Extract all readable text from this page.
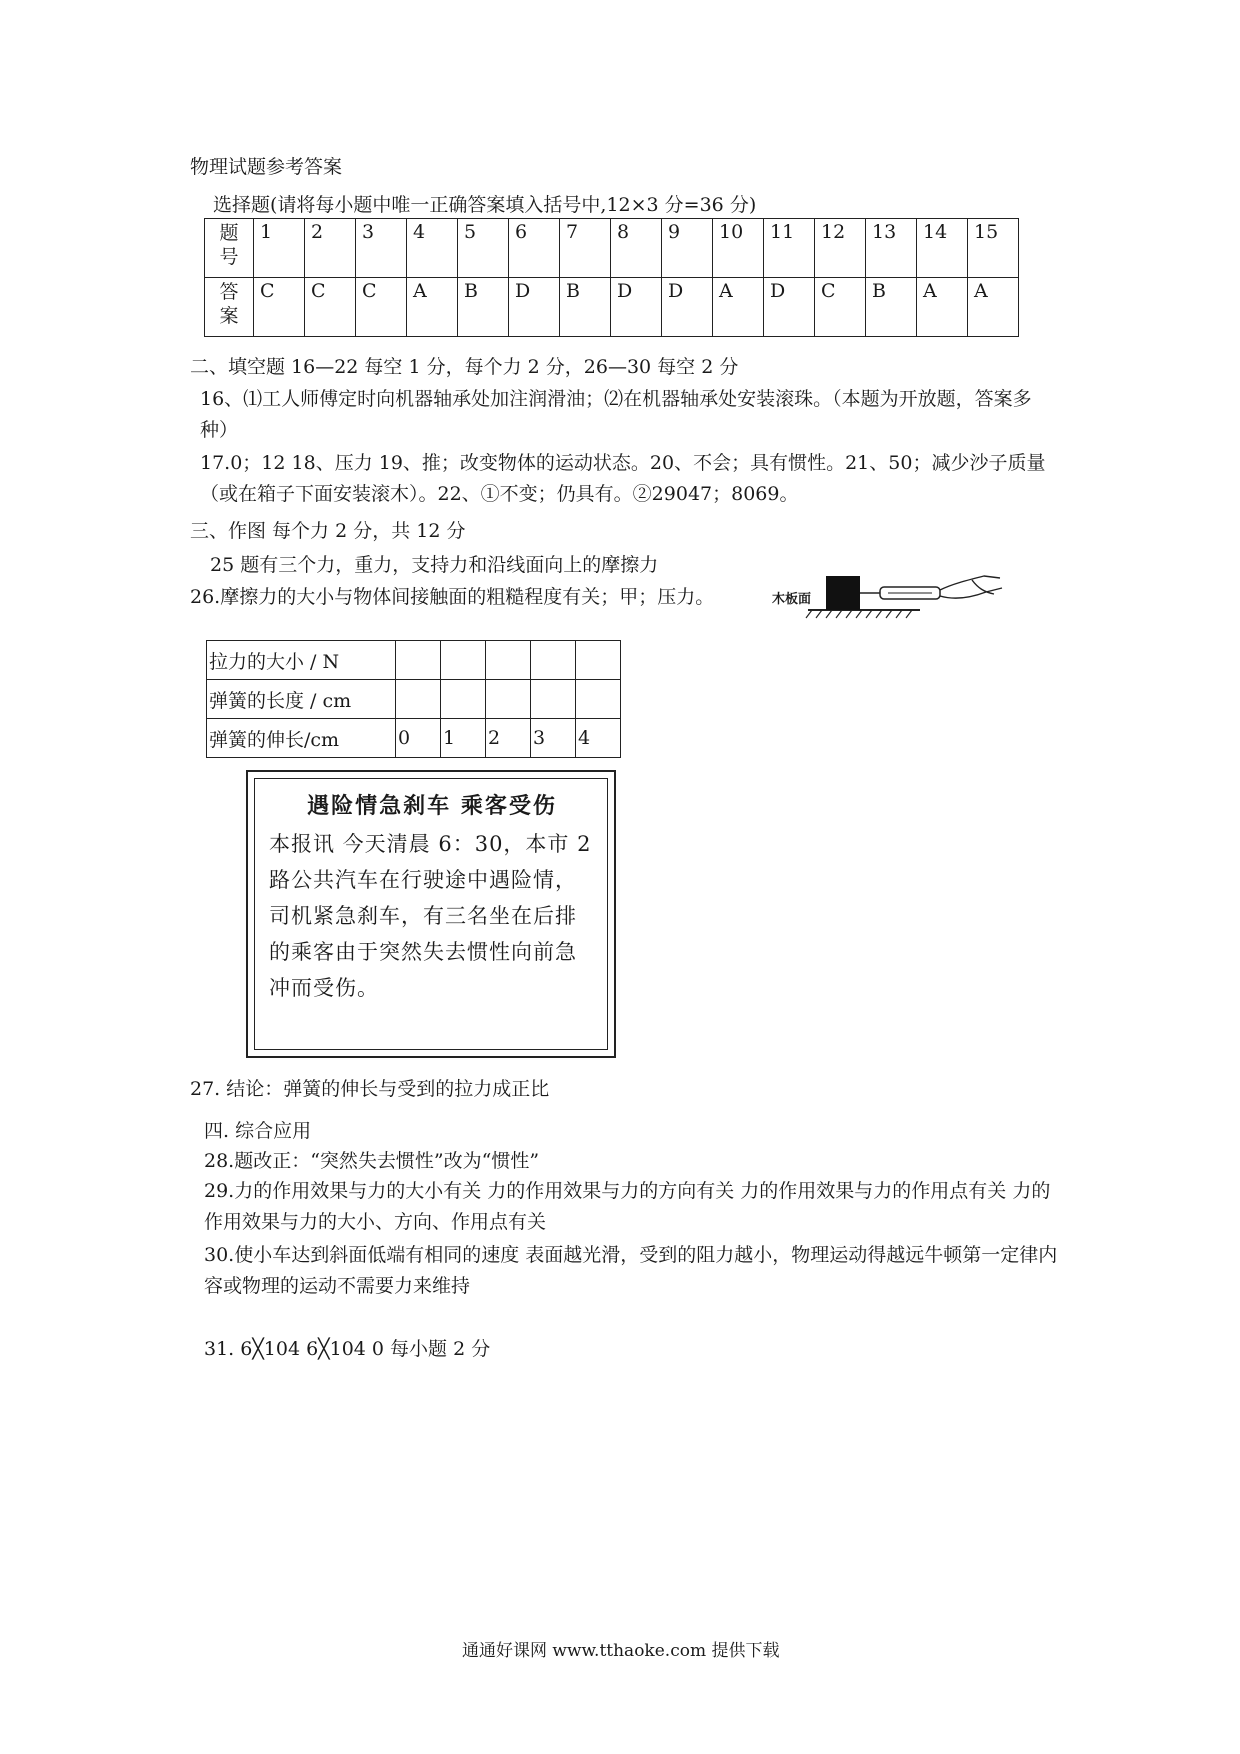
物理试题参考答案
选择题(请将每小题中唯一正确答案填入括号中,12×3 分=36 分)
题号	1	2	3	4	5	6	7	8	9	10	11	12	13	14	15
答案	C	C	C	A	B	D	B	D	D	A	D	C	B	A	A
二、填空题 16—22 每空 1 分，每个力 2 分，26—30 每空 2 分
16、⑴工人师傅定时向机器轴承处加注润滑油；⑵在机器轴承处安装滚珠。（本题为开放题，答案多种）
17.0；12 18、压力 19、推；改变物体的运动状态。20、不会；具有惯性。21、50；减少沙子质量（或在箱子下面安装滚木）。22、①不变；仍具有。②29047；8069。
三、作图 每个力 2 分，共 12 分
25 题有三个力，重力，支持力和沿线面向上的摩擦力
26.摩擦力的大小与物体间接触面的粗糙程度有关；甲；压力。	木板面
拉力的大小 / N					
弹簧的长度 / cm					
弹簧的伸长/cm	0	1	2	3	4
遇险情急刹车 乘客受伤
本报讯 今天清晨 6：30，本市 2 路公共汽车在行驶途中遇险情，司机紧急刹车，有三名坐在后排的乘客由于突然失去惯性向前急冲而受伤。
27. 结论：弹簧的伸长与受到的拉力成正比
四. 综合应用
28.题改正：“突然失去惯性”改为“惯性”
29.力的作用效果与力的大小有关 力的作用效果与力的方向有关 力的作用效果与力的作用点有关 力的作用效果与力的大小、方向、作用点有关
30.使小车达到斜面低端有相同的速度 表面越光滑，受到的阻力越小，物理运动得越远牛顿第一定律内容或物理的运动不需要力来维持
31. 6╳104 6╳104 0 每小题 2 分
通通好课网 www.tthaoke.com 提供下载
